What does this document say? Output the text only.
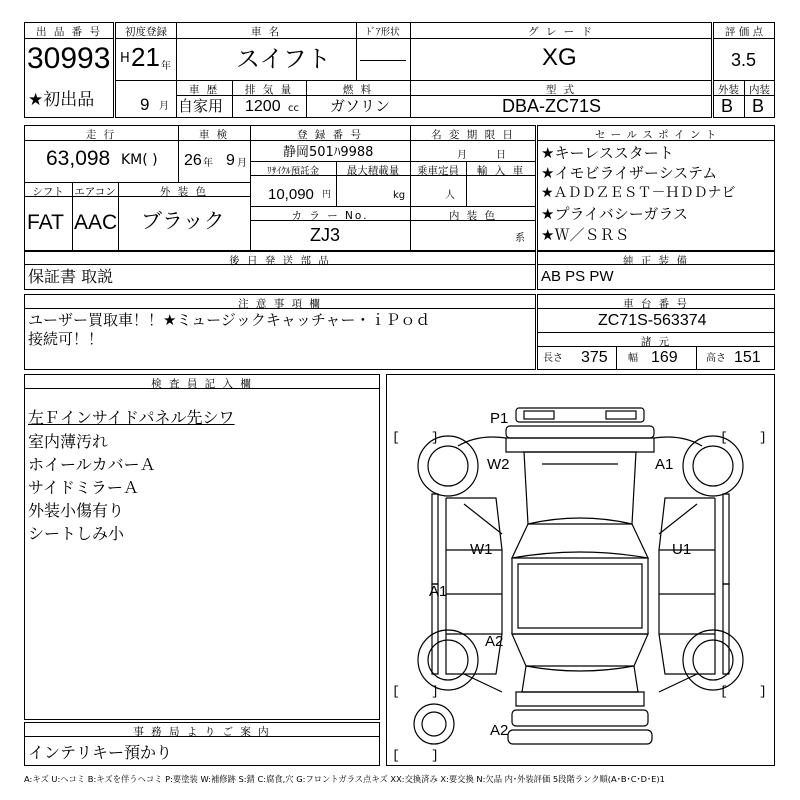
出 品 番 号
30993
★初出品
初度登録
H 21 年
9 月
車 名	ﾄﾞｱ形状	グ レ ー ド
スイフト	XG
車 歴	排 気 量	燃 料	型 式
自家用 1200 cc ガソリン	DBA-ZC71S
評 価 点
3.5
外装 内装
B B
走 行	車 検	登 録 番 号	名 変 期 限 日
63,098 KM( ) 26 年 9 月
静岡501ﾊ9988	月	日
ﾘｻｲｸﾙ預託金	最大積載量	乗車定員	輸 入 車
10,090 円	kg	人
シフト	エアコン	外 装 色
カ ラ ー No.	内 装 色
FAT AAC ブラック
ZJ3	系
セ ー ル ス ポ イ ン ト
★キーレススタート
★イモビライザーシステム
★ＡＤＤＺＥＳＴ－ＨＤＤナビ
★プライバシーガラス
★Ｗ／ＳＲＳ
後 日 発 送 部 品
保証書 取説
純 正 装 備
AB PS PW
注 意 事 項 欄
ユーザー買取車！！★ミュージックキャッチャー・ｉＰｏｄ
接続可！！
車 台 番 号
ZC71S-563374
諸 元
長さ 375 幅 169	高さ 151
検 査 員 記 入 欄
左Ｆインサイドパネル先シワ
室内薄汚れ
ホイールカバーＡ
サイドミラーＡ
外装小傷有り
シートしみ小
事 務 局 よ り ご 案 内
インテリキー預かり
P1
W2	A1
W1	U1
A1
A2
A2
[    ]	[    ]
[    ]	[    ]
[    ]
A:キズ U:ヘコミ B:キズを伴うヘコミ P:要塗装 W:補修跡 S:錆 C:腐食,穴 G:フロントガラス点キズ XX:交換済み X:要交換 N:欠品 内･外装評価 5段階ランク順(A･B･C･D･E)1
